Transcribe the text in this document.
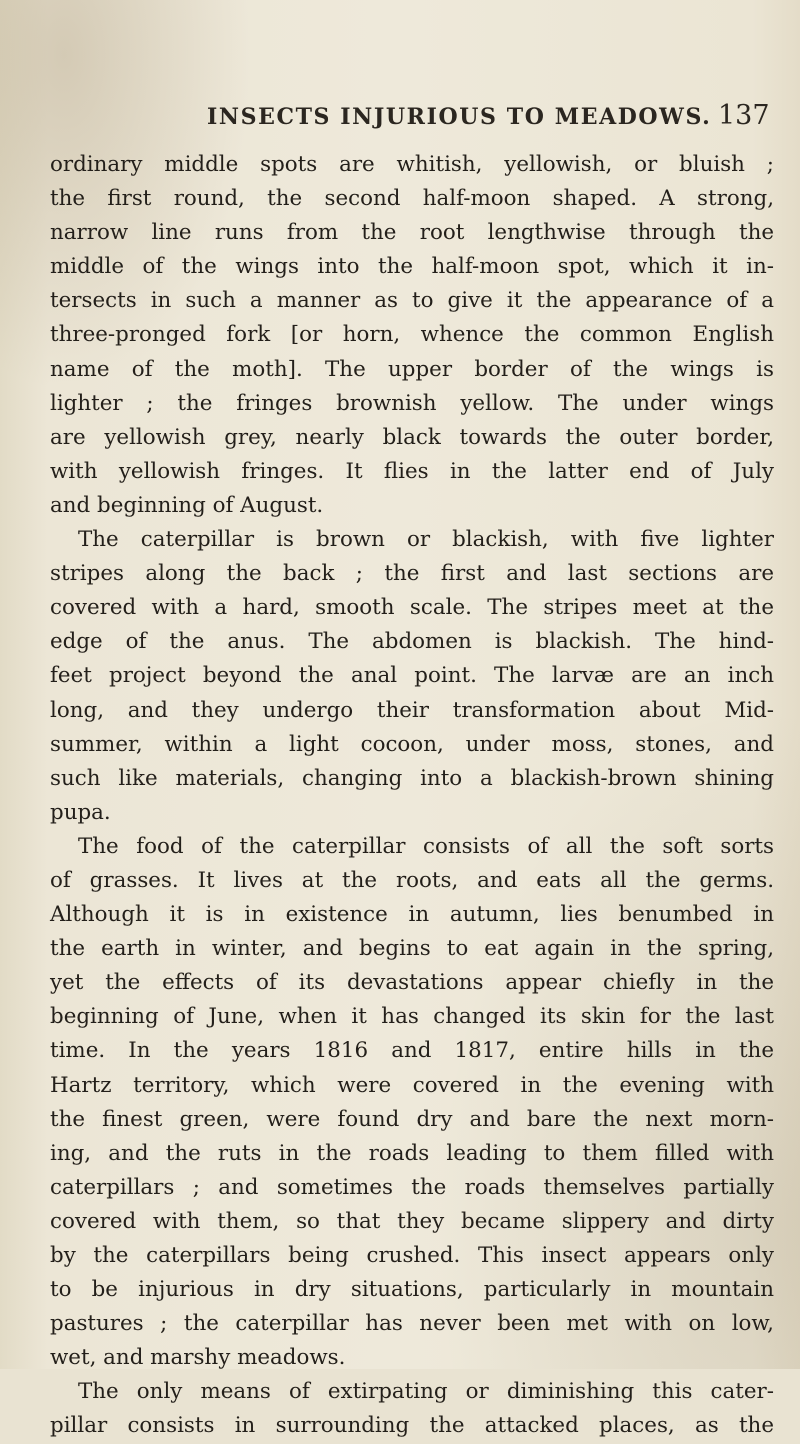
INSECTS INJURIOUS TO MEADOWS. 137
ordinary middle spots are whitish, yellowish, or bluish ;
the first round, the second half-moon shaped. A strong,
narrow line runs from the root lengthwise through the
middle of the wings into the half-moon spot, which it in-
tersects in such a manner as to give it the appearance of a
three-pronged fork [or horn, whence the common English
name of the moth]. The upper border of the wings is
lighter ; the fringes brownish yellow. The under wings
are yellowish grey, nearly black towards the outer border,
with yellowish fringes. It flies in the latter end of July
and beginning of August.
The caterpillar is brown or blackish, with five lighter
stripes along the back ; the first and last sections are
covered with a hard, smooth scale. The stripes meet at the
edge of the anus. The abdomen is blackish. The hind-
feet project beyond the anal point. The larvæ are an inch
long, and they undergo their transformation about Mid-
summer, within a light cocoon, under moss, stones, and
such like materials, changing into a blackish-brown shining
pupa.
The food of the caterpillar consists of all the soft sorts
of grasses. It lives at the roots, and eats all the germs.
Although it is in existence in autumn, lies benumbed in
the earth in winter, and begins to eat again in the spring,
yet the effects of its devastations appear chiefly in the
beginning of June, when it has changed its skin for the last
time. In the years 1816 and 1817, entire hills in the
Hartz territory, which were covered in the evening with
the finest green, were found dry and bare the next morn-
ing, and the ruts in the roads leading to them filled with
caterpillars ; and sometimes the roads themselves partially
covered with them, so that they became slippery and dirty
by the caterpillars being crushed. This insect appears only
to be injurious in dry situations, particularly in mountain
pastures ; the caterpillar has never been met with on low,
wet, and marshy meadows.
The only means of extirpating or diminishing this cater-
pillar consists in surrounding the attacked places, as the
